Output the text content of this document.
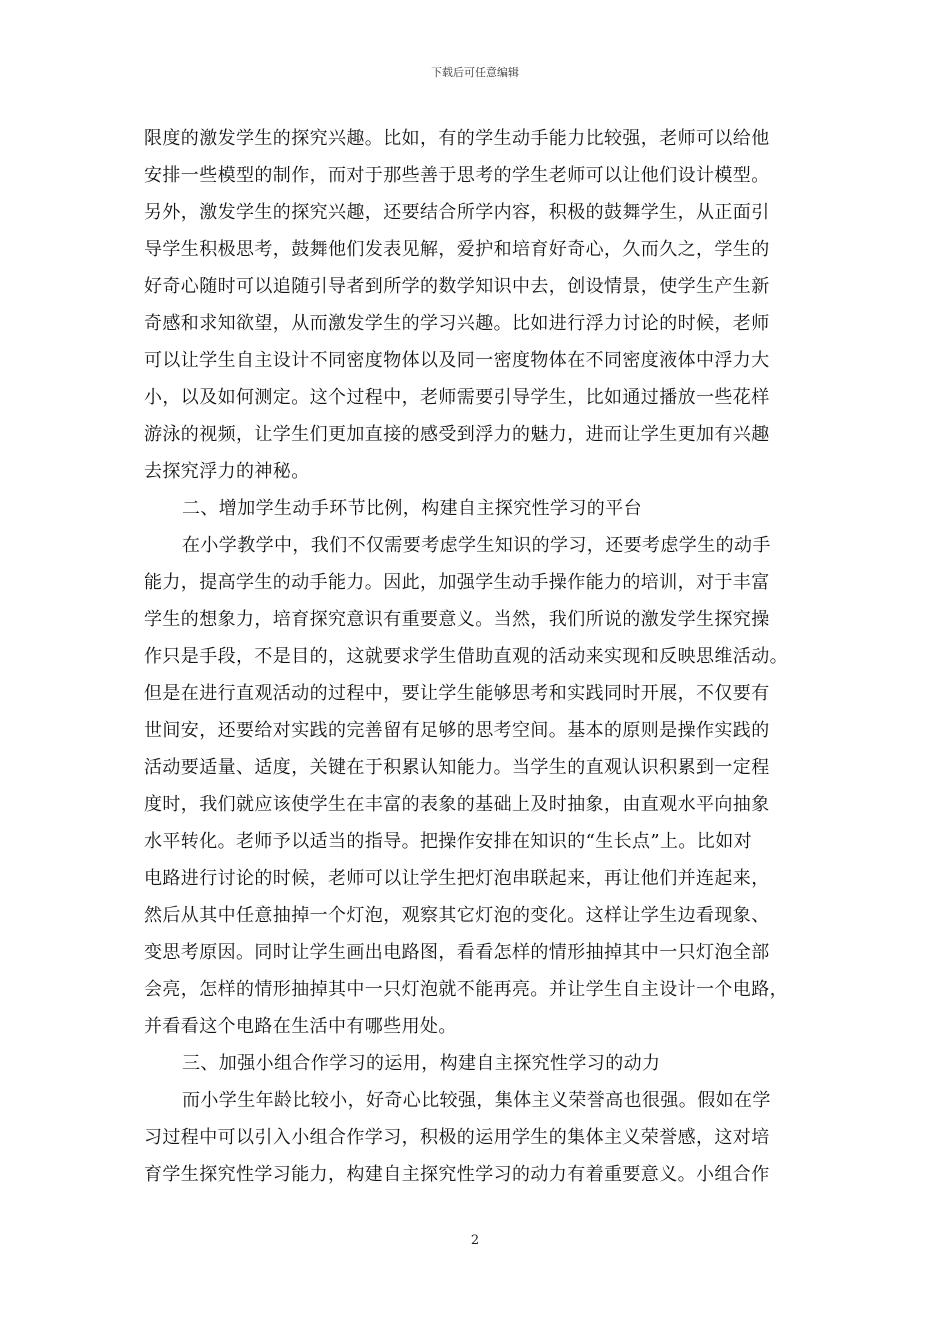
下载后可任意编辑
限度的激发学生的探究兴趣。比如，有的学生动手能力比较强，老师可以给他
安排一些模型的制作，而对于那些善于思考的学生老师可以让他们设计模型。
另外，激发学生的探究兴趣，还要结合所学内容，积极的鼓舞学生，从正面引
导学生积极思考，鼓舞他们发表见解，爱护和培育好奇心，久而久之，学生的
好奇心随时可以追随引导者到所学的数学知识中去，创设情景，使学生产生新
奇感和求知欲望，从而激发学生的学习兴趣。比如进行浮力讨论的时候，老师
可以让学生自主设计不同密度物体以及同一密度物体在不同密度液体中浮力大
小，以及如何测定。这个过程中，老师需要引导学生，比如通过播放一些花样
游泳的视频，让学生们更加直接的感受到浮力的魅力，进而让学生更加有兴趣
去探究浮力的神秘。
二、增加学生动手环节比例，构建自主探究性学习的平台
在小学教学中，我们不仅需要考虑学生知识的学习，还要考虑学生的动手
能力，提高学生的动手能力。因此，加强学生动手操作能力的培训，对于丰富
学生的想象力，培育探究意识有重要意义。当然，我们所说的激发学生探究操
作只是手段，不是目的，这就要求学生借助直观的活动来实现和反映思维活动。
但是在进行直观活动的过程中，要让学生能够思考和实践同时开展，不仅要有
世间安，还要给对实践的完善留有足够的思考空间。基本的原则是操作实践的
活动要适量、适度，关键在于积累认知能力。当学生的直观认识积累到一定程
度时，我们就应该使学生在丰富的表象的基础上及时抽象，由直观水平向抽象
水平转化。老师予以适当的指导。把操作安排在知识的“生长点”上。比如对
电路进行讨论的时候，老师可以让学生把灯泡串联起来，再让他们并连起来，
然后从其中任意抽掉一个灯泡，观察其它灯泡的变化。这样让学生边看现象、
变思考原因。同时让学生画出电路图，看看怎样的情形抽掉其中一只灯泡全部
会亮，怎样的情形抽掉其中一只灯泡就不能再亮。并让学生自主设计一个电路，
并看看这个电路在生活中有哪些用处。
三、加强小组合作学习的运用，构建自主探究性学习的动力
而小学生年龄比较小，好奇心比较强，集体主义荣誉高也很强。假如在学
习过程中可以引入小组合作学习，积极的运用学生的集体主义荣誉感，这对培
育学生探究性学习能力，构建自主探究性学习的动力有着重要意义。小组合作
2
